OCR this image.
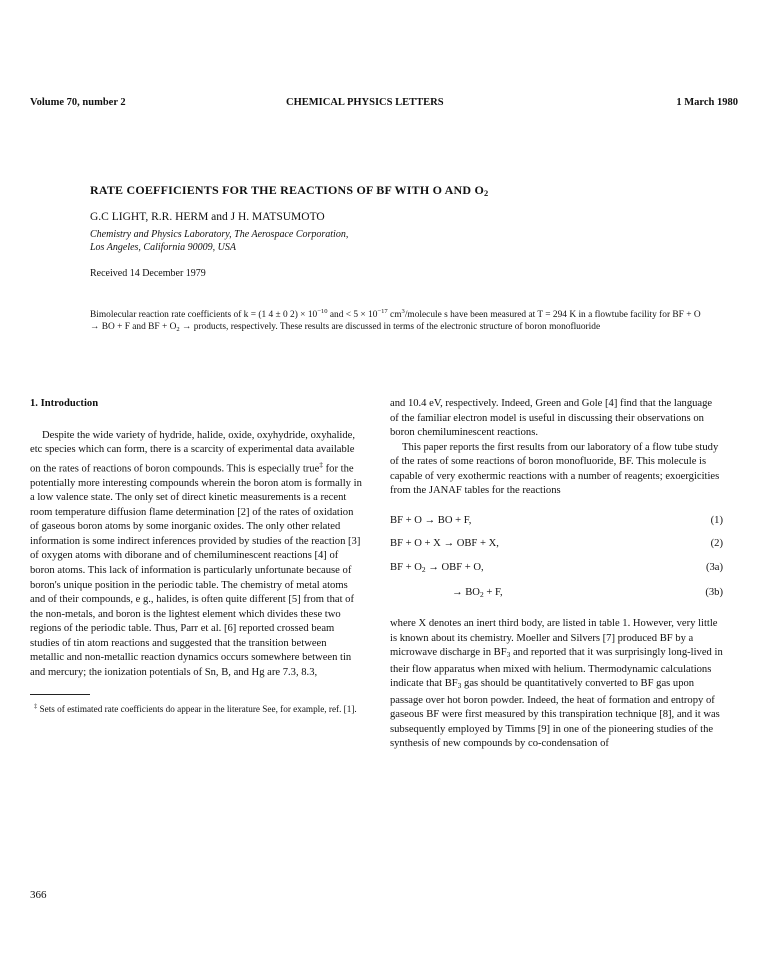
Volume 70, number 2	CHEMICAL PHYSICS LETTERS	1 March 1980
RATE COEFFICIENTS FOR THE REACTIONS OF BF WITH O AND $O_2$
G.C LIGHT, R.R. HERM and J H. MATSUMOTO
Chemistry and Physics Laboratory, The Aerospace Corporation,
Los Angeles, California 90009, USA
Received 14 December 1979
Bimolecular reaction rate coefficients of k = (1 4 ± 0 $2) \times 10^{-10}$ and < $5 \times 10^{-17}$ $cm^3$/molecule s have been measured at T = 294 K in a flowtube facility for BF + O → BO + F and BF + $O_2$ → products, respectively. These results are discussed in terms of the electronic structure of boron monofluoride

1. Introduction

Despite the wide variety of hydride, halide, oxide, oxyhydride, oxyhalide, etc species which can form, there is a scarcity of experimental data available on the rates of reactions of boron compounds. This is especially true‡ for the potentially more interesting compounds wherein the boron atom is formally in a low valence state. The only set of direct kinetic measurements is a recent room temperature diffusion flame determination [2] of the rates of oxidation of gaseous boron atoms by some inorganic oxides. The only other related information is some indirect inferences provided by studies of the reaction [3] of oxygen atoms with diborane and of chemiluminescent reactions [4] of boron atoms. This lack of information is particularly unfortunate because of boron's unique position in the periodic table. The chemistry of metal atoms and of their compounds, e g., halides, is often quite different [5] from that of the non-metals, and boron is the lightest element which divides these two regions of the periodic table. Thus, Parr et al. [6] reported crossed beam studies of tin atom reactions and suggested that the transition between metallic and non-metallic reaction dynamics occurs somewhere between tin and mercury; the ionization potentials of Sn, B, and Hg are 7.3, 8.3,

‡ Sets of estimated rate coefficients do appear in the literature See, for example, ref. [1].

and 10.4 eV, respectively. Indeed, Green and Gole [4] find that the language of the familiar electron model is useful in discussing their observations on boron chemiluminescent reactions.

This paper reports the first results from our laboratory of a flow tube study of the rates of some reactions of boron monofluoride, BF. This molecule is capable of very exothermic reactions with a number of reagents; exoergicities from the JANAF tables for the reactions

BF + O → BO + F,	(1)
BF + O + X → OBF + X,	(2)
BF + $O_2$ → OBF + O,	(3a)
→ $BO_2 + F$,	(3b)

where X denotes an inert third body, are listed in table 1. However, very little is known about its chemistry. Moeller and Silvers [7] produced BF by a microwave discharge in $BF_3$ and reported that it was surprisingly long-lived in their flow apparatus when mixed with helium. Thermodynamic calculations indicate that $BF_3$ gas should be quantitatively converted to BF gas upon passage over hot boron powder. Indeed, the heat of formation and entropy of gaseous BF were first measured by this transpiration technique [8], and it was subsequently employed by Timms [9] in one of the pioneering studies of the synthesis of new compounds by co-condensation of

366
